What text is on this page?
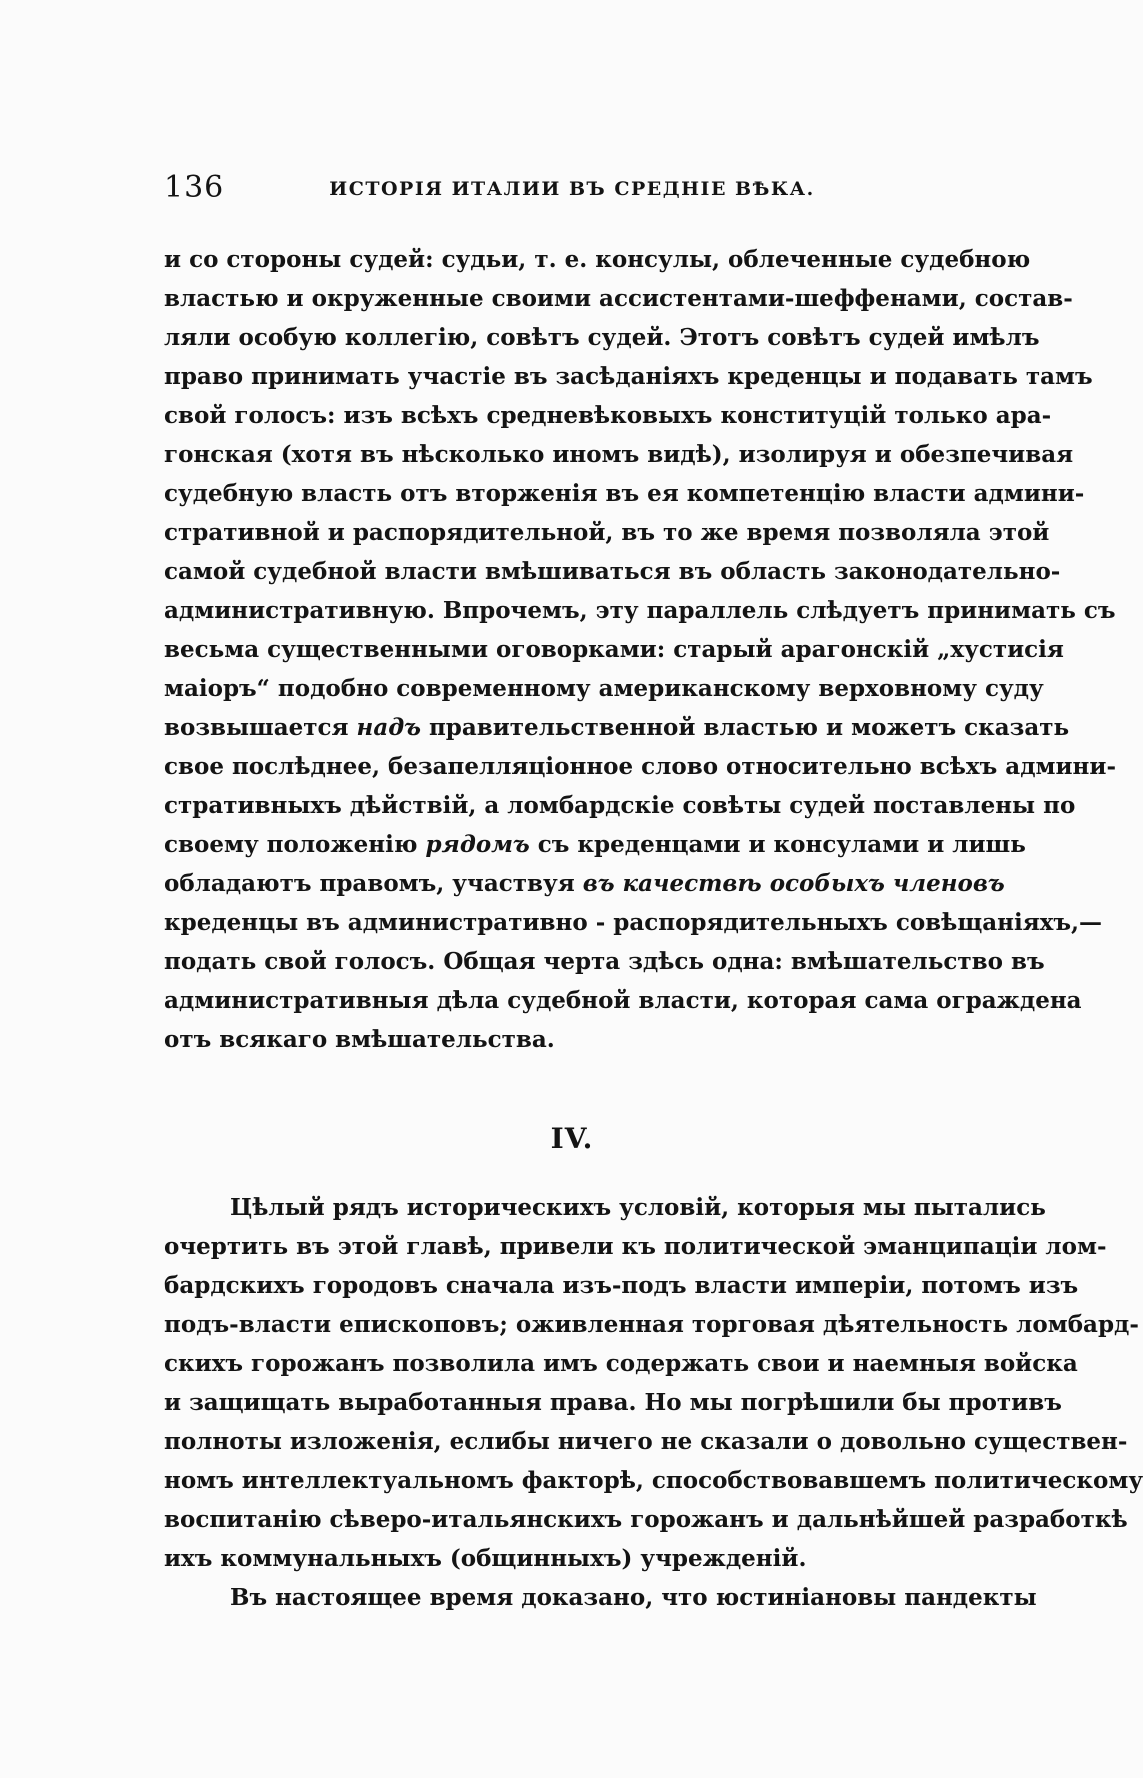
136	ИСТОРІЯ ИТАЛИИ ВЪ СРЕДНІЕ ВѢКА.
и со стороны судей: судьи, т. е. консулы, облеченные судебною
властью и окруженные своими ассистентами-шеффенами, состав-
ляли особую коллегію, совѣтъ судей. Этотъ совѣтъ судей имѣлъ
право принимать участіе въ засѣданіяхъ креденцы и подавать тамъ
свой голосъ: изъ всѣхъ средневѣковыхъ конституцій только ара-
гонская (хотя въ нѣсколько иномъ видѣ), изолируя и обезпечивая
судебную власть отъ вторженія въ ея компетенцію власти админи-
стративной и распорядительной, въ то же время позволяла этой
самой судебной власти вмѣшиваться въ область законодательно-
административную. Впрочемъ, эту параллель слѣдуетъ принимать съ
весьма существенными оговорками: старый арагонскій „хустисія
маіоръ“ подобно современному американскому верховному суду
возвышается надъ правительственной властью и можетъ сказать
свое послѣднее, безапелляціонное слово относительно всѣхъ админи-
стративныхъ дѣйствій, а ломбардскіе совѣты судей поставлены по
своему положенію рядомъ съ креденцами и консулами и лишь
обладаютъ правомъ, участвуя въ качествѣ особыхъ членовъ
креденцы въ административно - распорядительныхъ совѣщаніяхъ,—
подать свой голосъ. Общая черта здѣсь одна: вмѣшательство въ
административныя дѣла судебной власти, которая сама ограждена
отъ всякаго вмѣшательства.
IV.
Цѣлый рядъ историческихъ условій, которыя мы пытались
очертить въ этой главѣ, привели къ политической эманципаціи лом-
бардскихъ городовъ сначала изъ-подъ власти имперіи, потомъ изъ
подъ-власти епископовъ; оживленная торговая дѣятельность ломбард-
скихъ горожанъ позволила имъ содержать свои и наемныя войска
и защищать выработанныя права. Но мы погрѣшили бы противъ
полноты изложенія, еслибы ничего не сказали о довольно существен-
номъ интеллектуальномъ факторѣ, способствовавшемъ политическому
воспитанію сѣверо-итальянскихъ горожанъ и дальнѣйшей разработкѣ
ихъ коммунальныхъ (общинныхъ) учрежденій.
Въ настоящее время доказано, что юстиніановы пандекты
